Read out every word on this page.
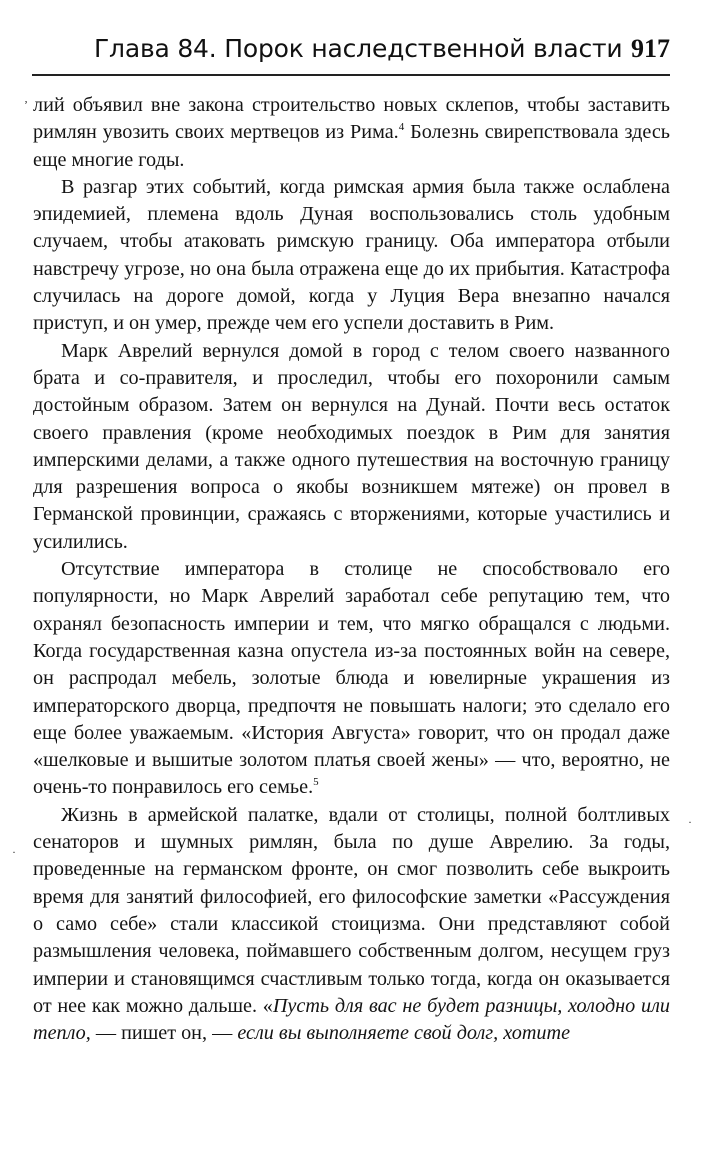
Глава 84. Порок наследственной власти 917

лий объявил вне закона строительство новых склепов, чтобы заставить римлян увозить своих мертвецов из Рима.$^4$ Болезнь свирепствовала здесь еще многие годы.

В разгар этих событий, когда римская армия была также ослаблена эпидемией, племена вдоль Дуная воспользовались столь удобным случаем, чтобы атаковать римскую границу. Оба императора отбыли навстречу угрозе, но она была отражена еще до их прибытия. Катастрофа случилась на дороге домой, когда у Луция Вера внезапно начался приступ, и он умер, прежде чем его успели доставить в Рим.

Марк Аврелий вернулся домой в город с телом своего названного брата и со-правителя, и проследил, чтобы его похоронили самым достойным образом. Затем он вернулся на Дунай. Почти весь остаток своего правления (кроме необходимых поездок в Рим для занятия имперскими делами, а также одного путешествия на восточную границу для разрешения вопроса о якобы возникшем мятеже) он провел в Германской провинции, сражаясь с вторжениями, которые участились и усилились.

Отсутствие императора в столице не способствовало его популярности, но Марк Аврелий заработал себе репутацию тем, что охранял безопасность империи и тем, что мягко обращался с людьми. Когда государственная казна опустела из-за постоянных войн на севере, он распродал мебель, золотые блюда и ювелирные украшения из императорского дворца, предпочтя не повышать налоги; это сделало его еще более уважаемым. «История Августа» говорит, что он продал даже «шелковые и вышитые золотом платья своей жены» — что, вероятно, не очень-то понравилось его семье.$^5$

Жизнь в армейской палатке, вдали от столицы, полной болтливых сенаторов и шумных римлян, была по душе Аврелию. За годы, проведенные на германском фронте, он смог позволить себе выкроить время для занятий философией, его философские заметки «Рассуждения о само себе» стали классикой стоицизма. Они представляют собой размышления человека, поймавшего собственным долгом, несущем груз империи и становящимся счастливым только тогда, когда он оказывается от нее как можно дальше. «Пусть для вас не будет разницы, холодно или тепло, — пишет он, — если вы выполняете свой долг, хотите

ʼ
·
·
